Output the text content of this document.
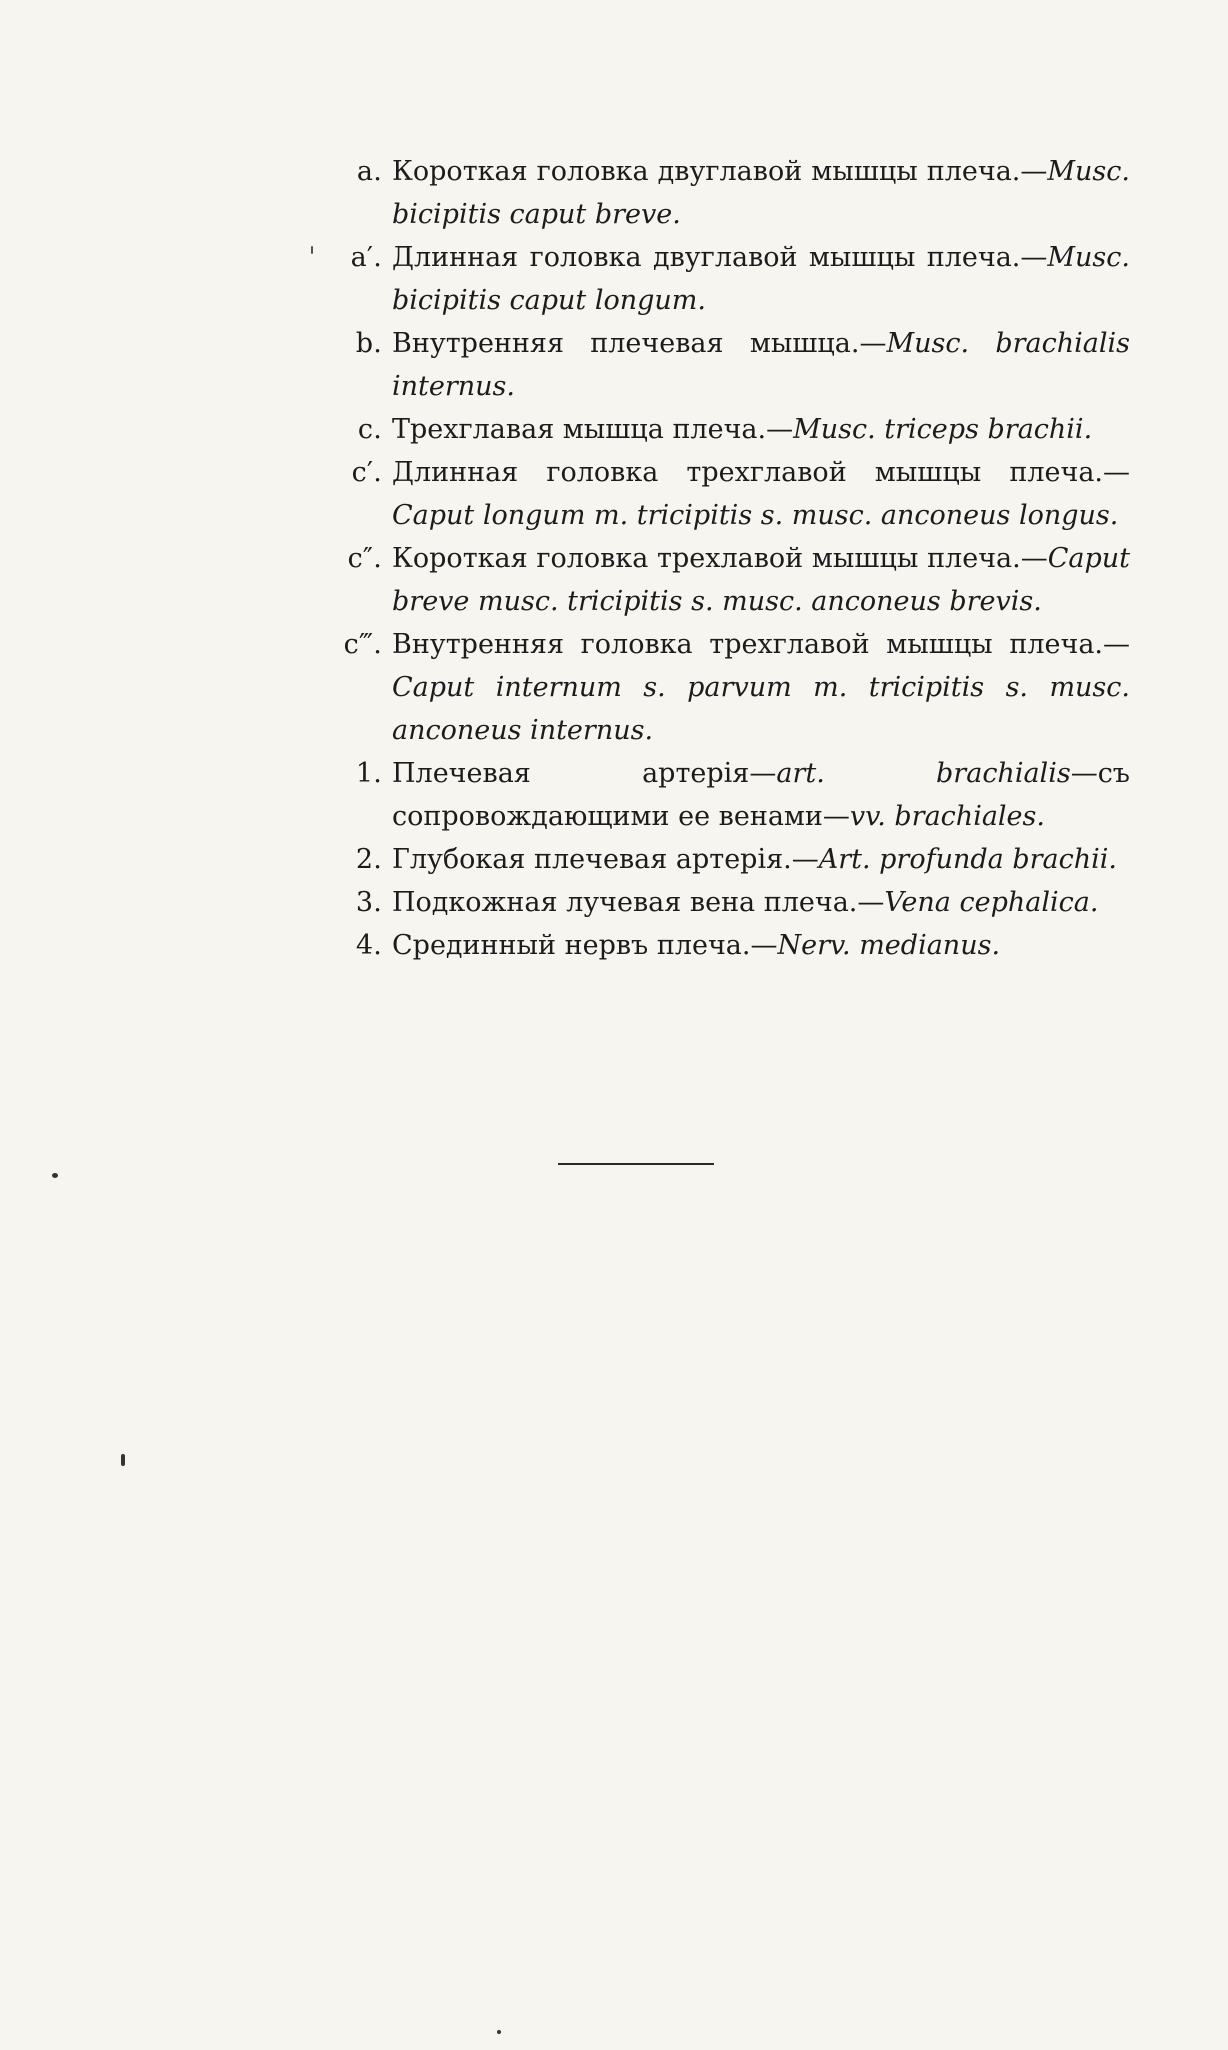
a. Короткая головка двуглавой мышцы плеча.—Musc. bicipitis caput breve.

a′. Длинная головка двуглавой мышцы плеча.—Musc. bicipitis caput longum.

b. Внутренняя плечевая мышца.—Musc. brachialis internus.

c. Трехглавая мышца плеча.—Musc. triceps brachii.

c′. Длинная головка трехглавой мышцы плеча.—Caput longum m. tricipitis s. musc. anconeus longus.

c″. Короткая головка трехлавой мышцы плеча.—Caput breve musc. tricipitis s. musc. anconeus brevis.

c‴. Внутренняя головка трехглавой мышцы плеча.—Caput internum s. parvum m. tricipitis s. musc. anconeus internus.

1. Плечевая артерія—art. brachialis—съ сопровождающими ее венами—vv. brachiales.

2. Глубокая плечевая артерія.—Art. profunda brachii.

3. Подкожная лучевая вена плеча.—Vena cephalica.

4. Срединный нервъ плеча.—Nerv. medianus.
